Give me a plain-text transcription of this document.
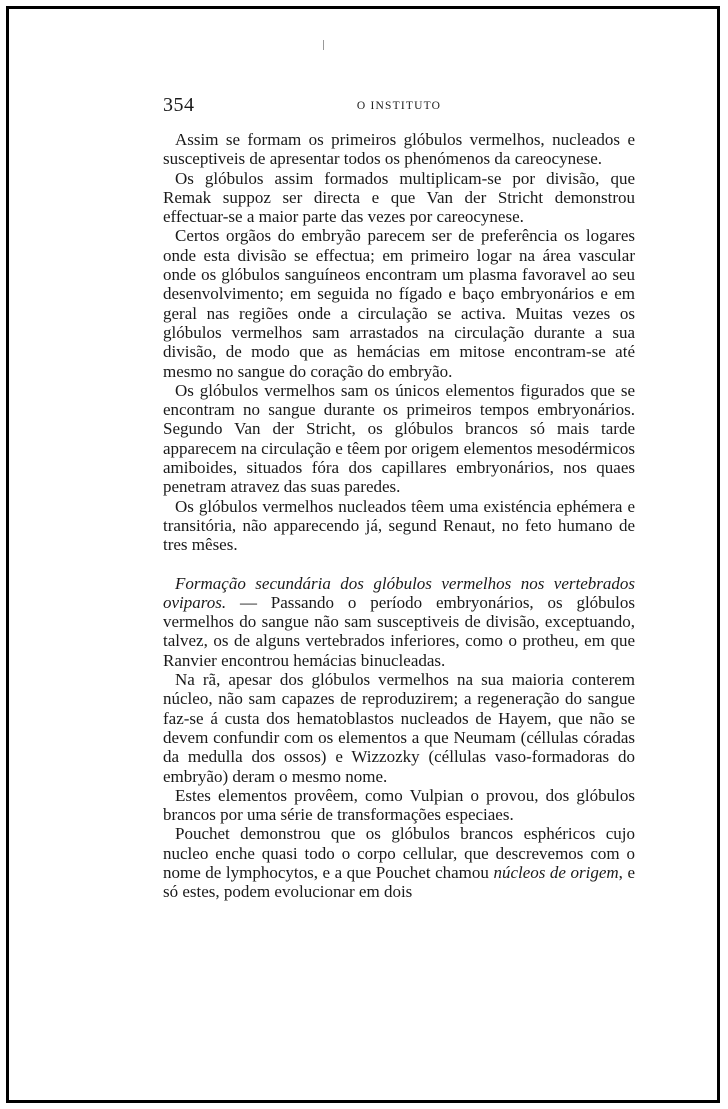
354	O INSTITUTO

Assim se formam os primeiros glóbulos vermelhos, nucleados e susceptiveis de apresentar todos os phenómenos da careocynese.

Os glóbulos assim formados multiplicam-se por divisão, que Remak suppoz ser directa e que Van der Stricht demonstrou effectuar-se a maior parte das vezes por careocynese.

Certos orgãos do embryão parecem ser de preferência os logares onde esta divisão se effectua; em primeiro logar na área vascular onde os glóbulos sanguíneos encontram um plasma favoravel ao seu desenvolvimento; em seguida no fígado e baço embryonários e em geral nas regiões onde a circulação se activa. Muitas vezes os glóbulos vermelhos sam arrastados na circulação durante a sua divisão, de modo que as hemácias em mitose encontram-se até mesmo no sangue do coração do embryão.

Os glóbulos vermelhos sam os únicos elementos figurados que se encontram no sangue durante os primeiros tempos embryonários. Segundo Van der Stricht, os glóbulos brancos só mais tarde apparecem na circulação e têem por origem elementos mesodérmicos amiboides, situados fóra dos capillares embryonários, nos quaes penetram atravez das suas paredes.

Os glóbulos vermelhos nucleados têem uma existéncia ephémera e transitória, não apparecendo já, segund Renaut, no feto humano de tres mêses.

Formação secundária dos glóbulos vermelhos nos vertebrados oviparos. — Passando o período embryonários, os glóbulos vermelhos do sangue não sam susceptiveis de divisão, exceptuando, talvez, os de alguns vertebrados inferiores, como o protheu, em que Ranvier encontrou hemácias binucleadas.

Na rã, apesar dos glóbulos vermelhos na sua maioria conterem núcleo, não sam capazes de reproduzirem; a regeneração do sangue faz-se á custa dos hematoblastos nucleados de Hayem, que não se devem confundir com os elementos a que Neumam (céllulas córadas da medulla dos ossos) e Wizzozky (céllulas vaso-formadoras do embryão) deram o mesmo nome.

Estes elementos provêem, como Vulpian o provou, dos glóbulos brancos por uma série de transformações especiaes.

Pouchet demonstrou que os glóbulos brancos esphéricos cujo nucleo enche quasi todo o corpo cellular, que descrevemos com o nome de lymphocytos, e a que Pouchet chamou núcleos de origem, e só estes, podem evolucionar em dois
